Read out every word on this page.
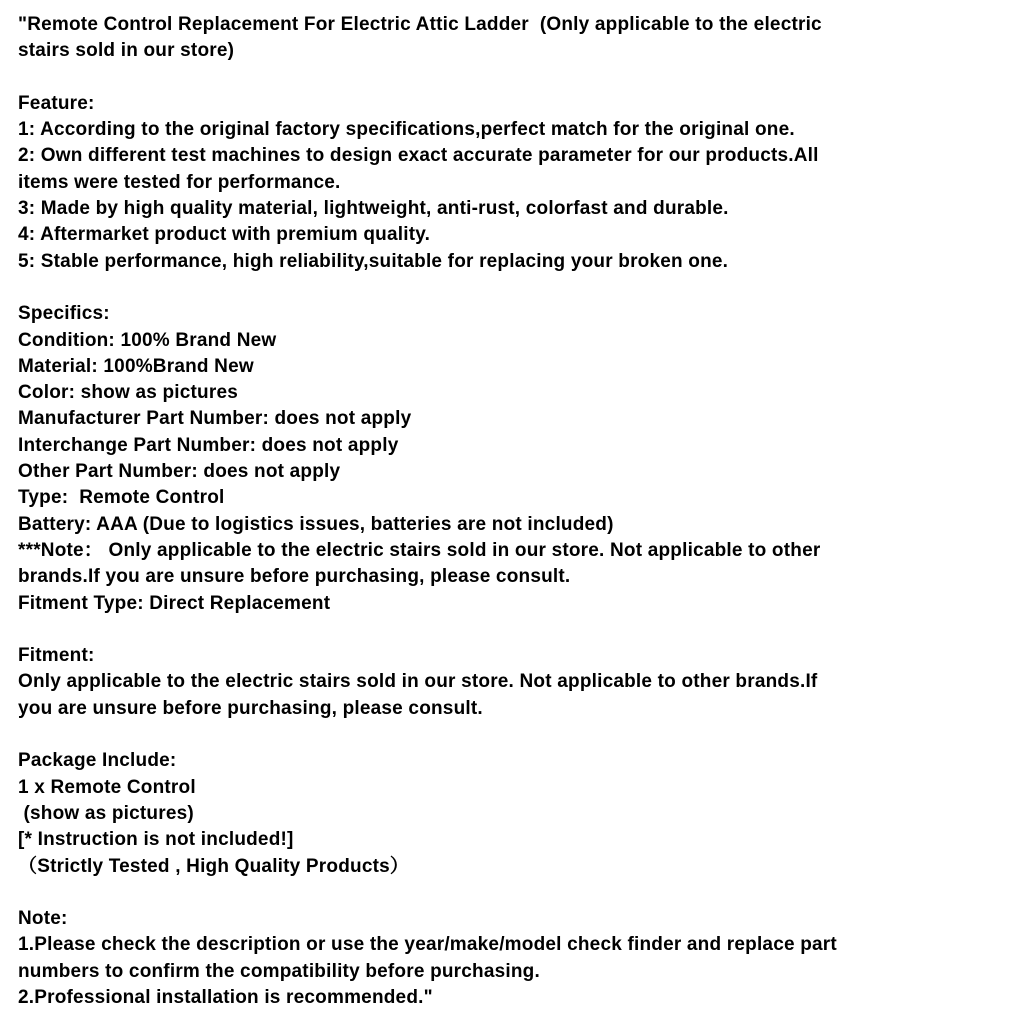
"Remote Control Replacement For Electric Attic Ladder  (Only applicable to the electric
stairs sold in our store)
Feature:
1: According to the original factory specifications,perfect match for the original one.
2: Own different test machines to design exact accurate parameter for our products.All
items were tested for performance.
3: Made by high quality material, lightweight, anti-rust, colorfast and durable.
4: Aftermarket product with premium quality.
5: Stable performance, high reliability,suitable for replacing your broken one.
Specifics:
Condition: 100% Brand New
Material: 100%Brand New
Color: show as pictures
Manufacturer Part Number: does not apply
Interchange Part Number: does not apply
Other Part Number: does not apply
Type:  Remote Control
Battery: AAA (Due to logistics issues, batteries are not included)
***Note： Only applicable to the electric stairs sold in our store. Not applicable to other
brands.If you are unsure before purchasing, please consult.
Fitment Type: Direct Replacement
Fitment:
Only applicable to the electric stairs sold in our store. Not applicable to other brands.If
you are unsure before purchasing, please consult.
Package Include:
1 x Remote Control
(show as pictures)
[* Instruction is not included!]
（Strictly Tested , High Quality Products）
Note:
1.Please check the description or use the year/make/model check finder and replace part
numbers to confirm the compatibility before purchasing.
2.Professional installation is recommended."
